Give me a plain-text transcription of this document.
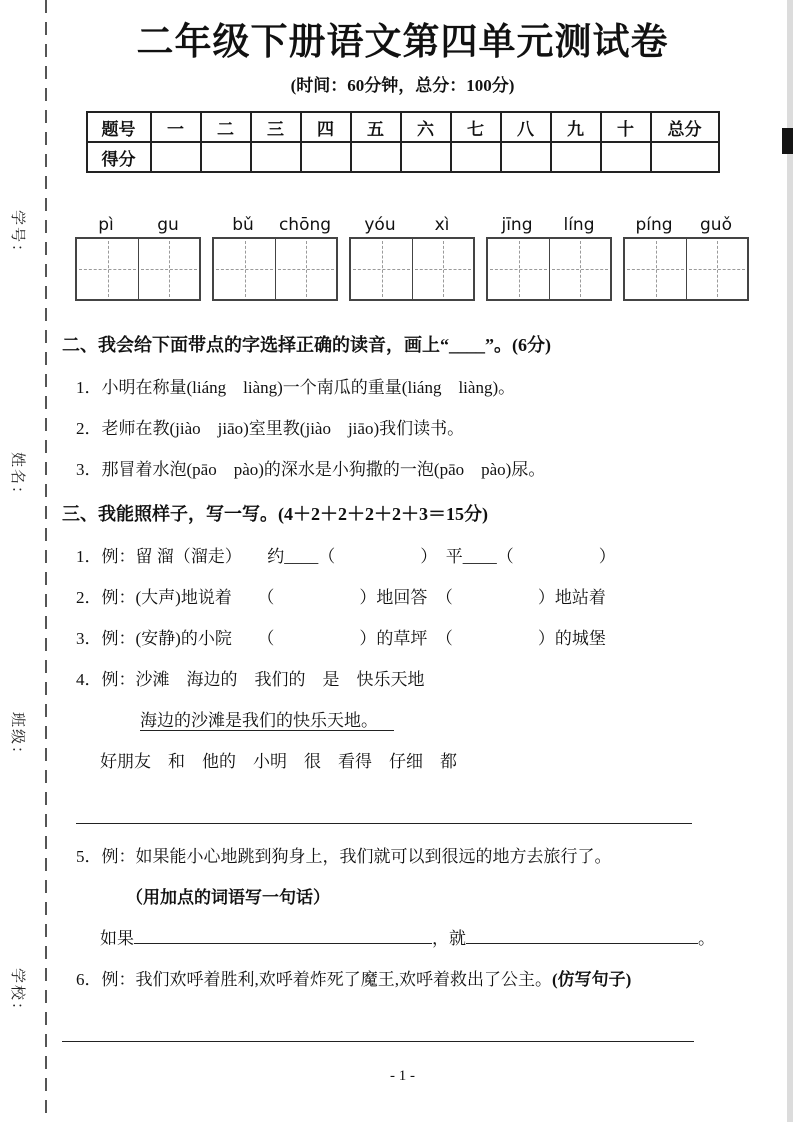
学号：
姓名：
班级：
学校：
二年级下册语文第四单元测试卷
(时间：60分钟，总分：100分)
题号	一	二	三	四	五	六	七	八	九	十	总分
得分											
pì	gu	bǔ	chōng	yóu	xì	jīng	líng	píng	guǒ
二、我会给下面带点的字选择正确的读音，画上“____”。(6分)
1．小明在称量(liáng　liàng)一个南瓜的重量(liáng　liàng)。
2．老师在教(jiào　jiāo)室里教(jiào　jiāo)我们读书。
3．那冒着水泡(pāo　pào)的深水是小狗撒的一泡(pāo　pào)尿。
三、我能照样子，写一写。(4＋2＋2＋2＋2＋3＝15分)
1．例：留 溜（溜走）　　约____（　　　　　）　平____（　　　　　）
2．例：(大声)地说着　　（　　　　　）地回答　（　　　　　）地站着
3．例：(安静)的小院　　（　　　　　）的草坪　（　　　　　）的城堡
4．例：沙滩　海边的　我们的　是　快乐天地
海边的沙滩是我们的快乐天地。
好朋友　和　他的　小明　很　看得　仔细　都
5．例：如果能小心地跳到狗身上，我们就可以到很远的地方去旅行了。
（用加点的词语写一句话）
如果	，就	。
6．例：我们欢呼着胜利,欢呼着炸死了魔王,欢呼着救出了公主。(仿写句子)
- 1 -
